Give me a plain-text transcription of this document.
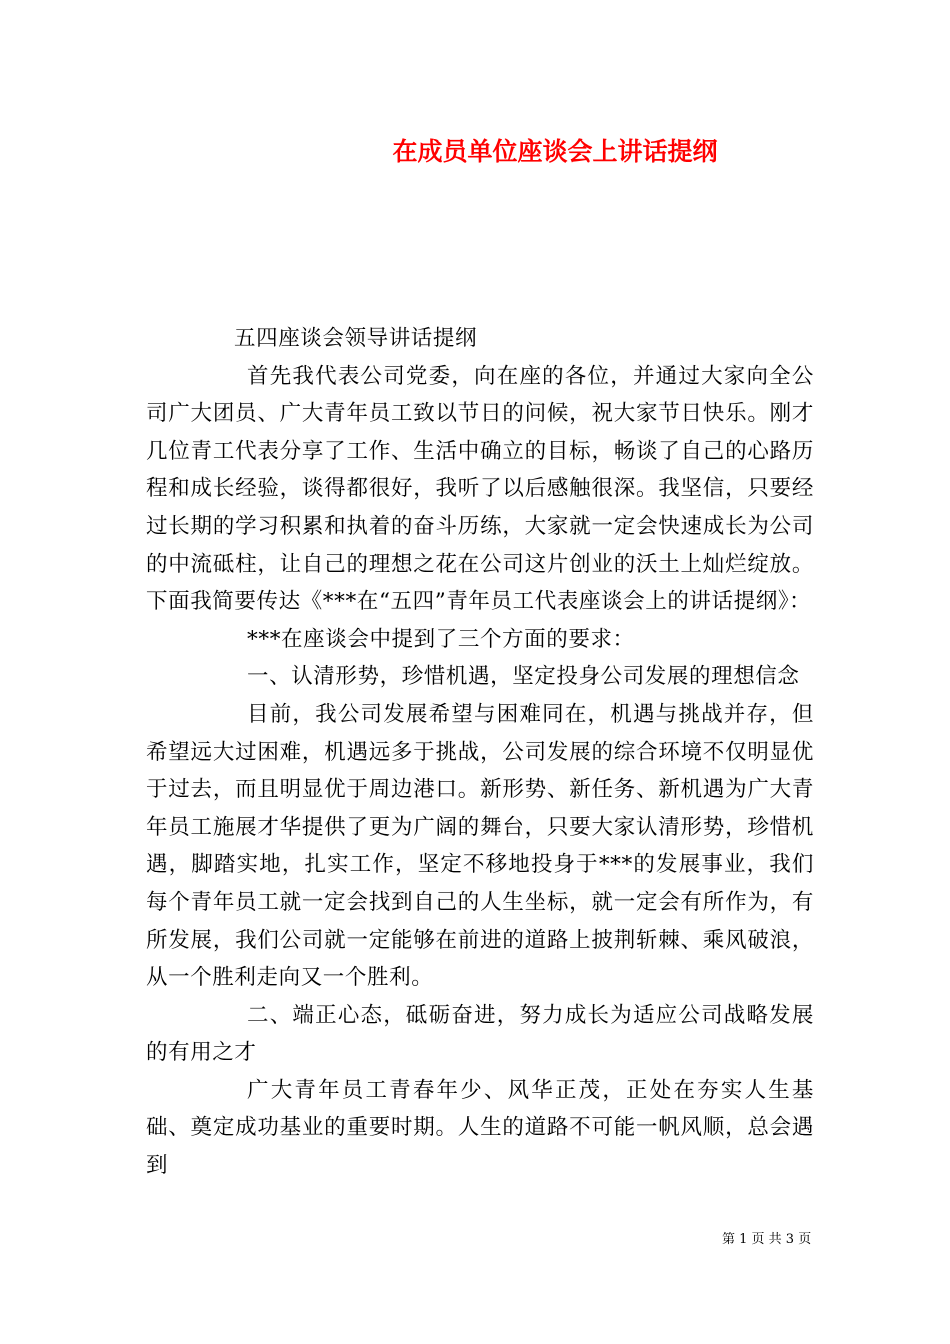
在成员单位座谈会上讲话提纲

五四座谈会领导讲话提纲

首先我代表公司党委，向在座的各位，并通过大家向全公司广大团员、广大青年员工致以节日的问候，祝大家节日快乐。刚才几位青工代表分享了工作、生活中确立的目标，畅谈了自己的心路历程和成长经验，谈得都很好，我听了以后感触很深。我坚信，只要经过长期的学习积累和执着的奋斗历练，大家就一定会快速成长为公司的中流砥柱，让自己的理想之花在公司这片创业的沃土上灿烂绽放。下面我简要传达《***在“五四”青年员工代表座谈会上的讲话提纲》：

***在座谈会中提到了三个方面的要求：

一、认清形势，珍惜机遇，坚定投身公司发展的理想信念

目前，我公司发展希望与困难同在，机遇与挑战并存，但希望远大过困难，机遇远多于挑战，公司发展的综合环境不仅明显优于过去，而且明显优于周边港口。新形势、新任务、新机遇为广大青年员工施展才华提供了更为广阔的舞台，只要大家认清形势，珍惜机遇，脚踏实地，扎实工作，坚定不移地投身于***的发展事业，我们每个青年员工就一定会找到自己的人生坐标，就一定会有所作为，有所发展，我们公司就一定能够在前进的道路上披荆斩棘、乘风破浪，从一个胜利走向又一个胜利。

二、端正心态，砥砺奋进，努力成长为适应公司战略发展的有用之才

广大青年员工青春年少、风华正茂，正处在夯实人生基础、奠定成功基业的重要时期。人生的道路不可能一帆风顺，总会遇到

第 1 页 共 3 页
